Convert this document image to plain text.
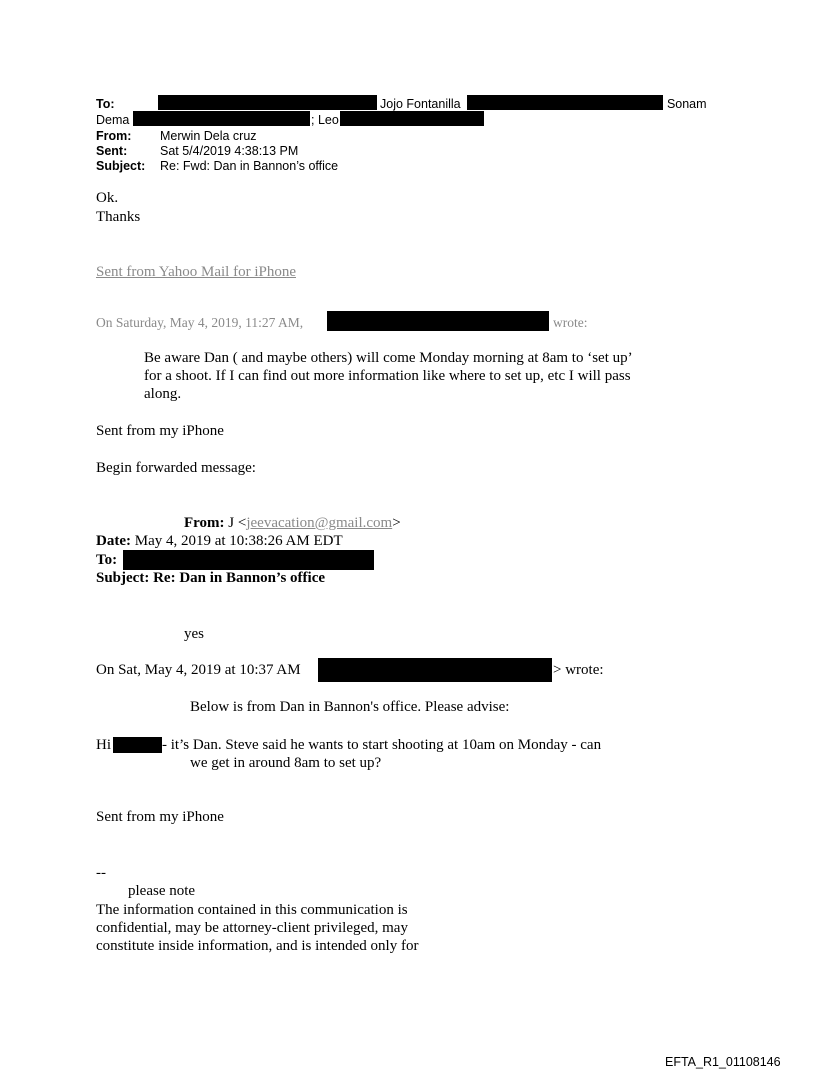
To:	Jojo Fontanilla	; Sonam
Dema	; Leo
From: Merwin Dela cruz
Sent:	Sat 5/4/2019 4:38:13 PM
Subject: Re: Fwd: Dan in Bannon’s office
Ok.
Thanks
Sent from Yahoo Mail for iPhone
On Saturday, May 4, 2019, 11:27 AM,	wrote:
Be aware Dan ( and maybe others) will come Monday morning at 8am to ‘set up’
for a shoot. If I can find out more information like where to set up, etc I will pass
along.
Sent from my iPhone
Begin forwarded message:
From: J <jeevacation@gmail.com>
Date: May 4, 2019 at 10:38:26 AM EDT
To:
Subject: Re: Dan in Bannon’s office
yes
On Sat, May 4, 2019 at 10:37 AM	> wrote:
Below is from Dan in Bannon's office. Please advise:
Hi	- it’s Dan. Steve said he wants to start shooting at 10am on Monday - can
we get in around 8am to set up?
Sent from my iPhone
--
please note
The information contained in this communication is
confidential, may be attorney-client privileged, may
constitute inside information, and is intended only for
EFTA_R1_01108146
